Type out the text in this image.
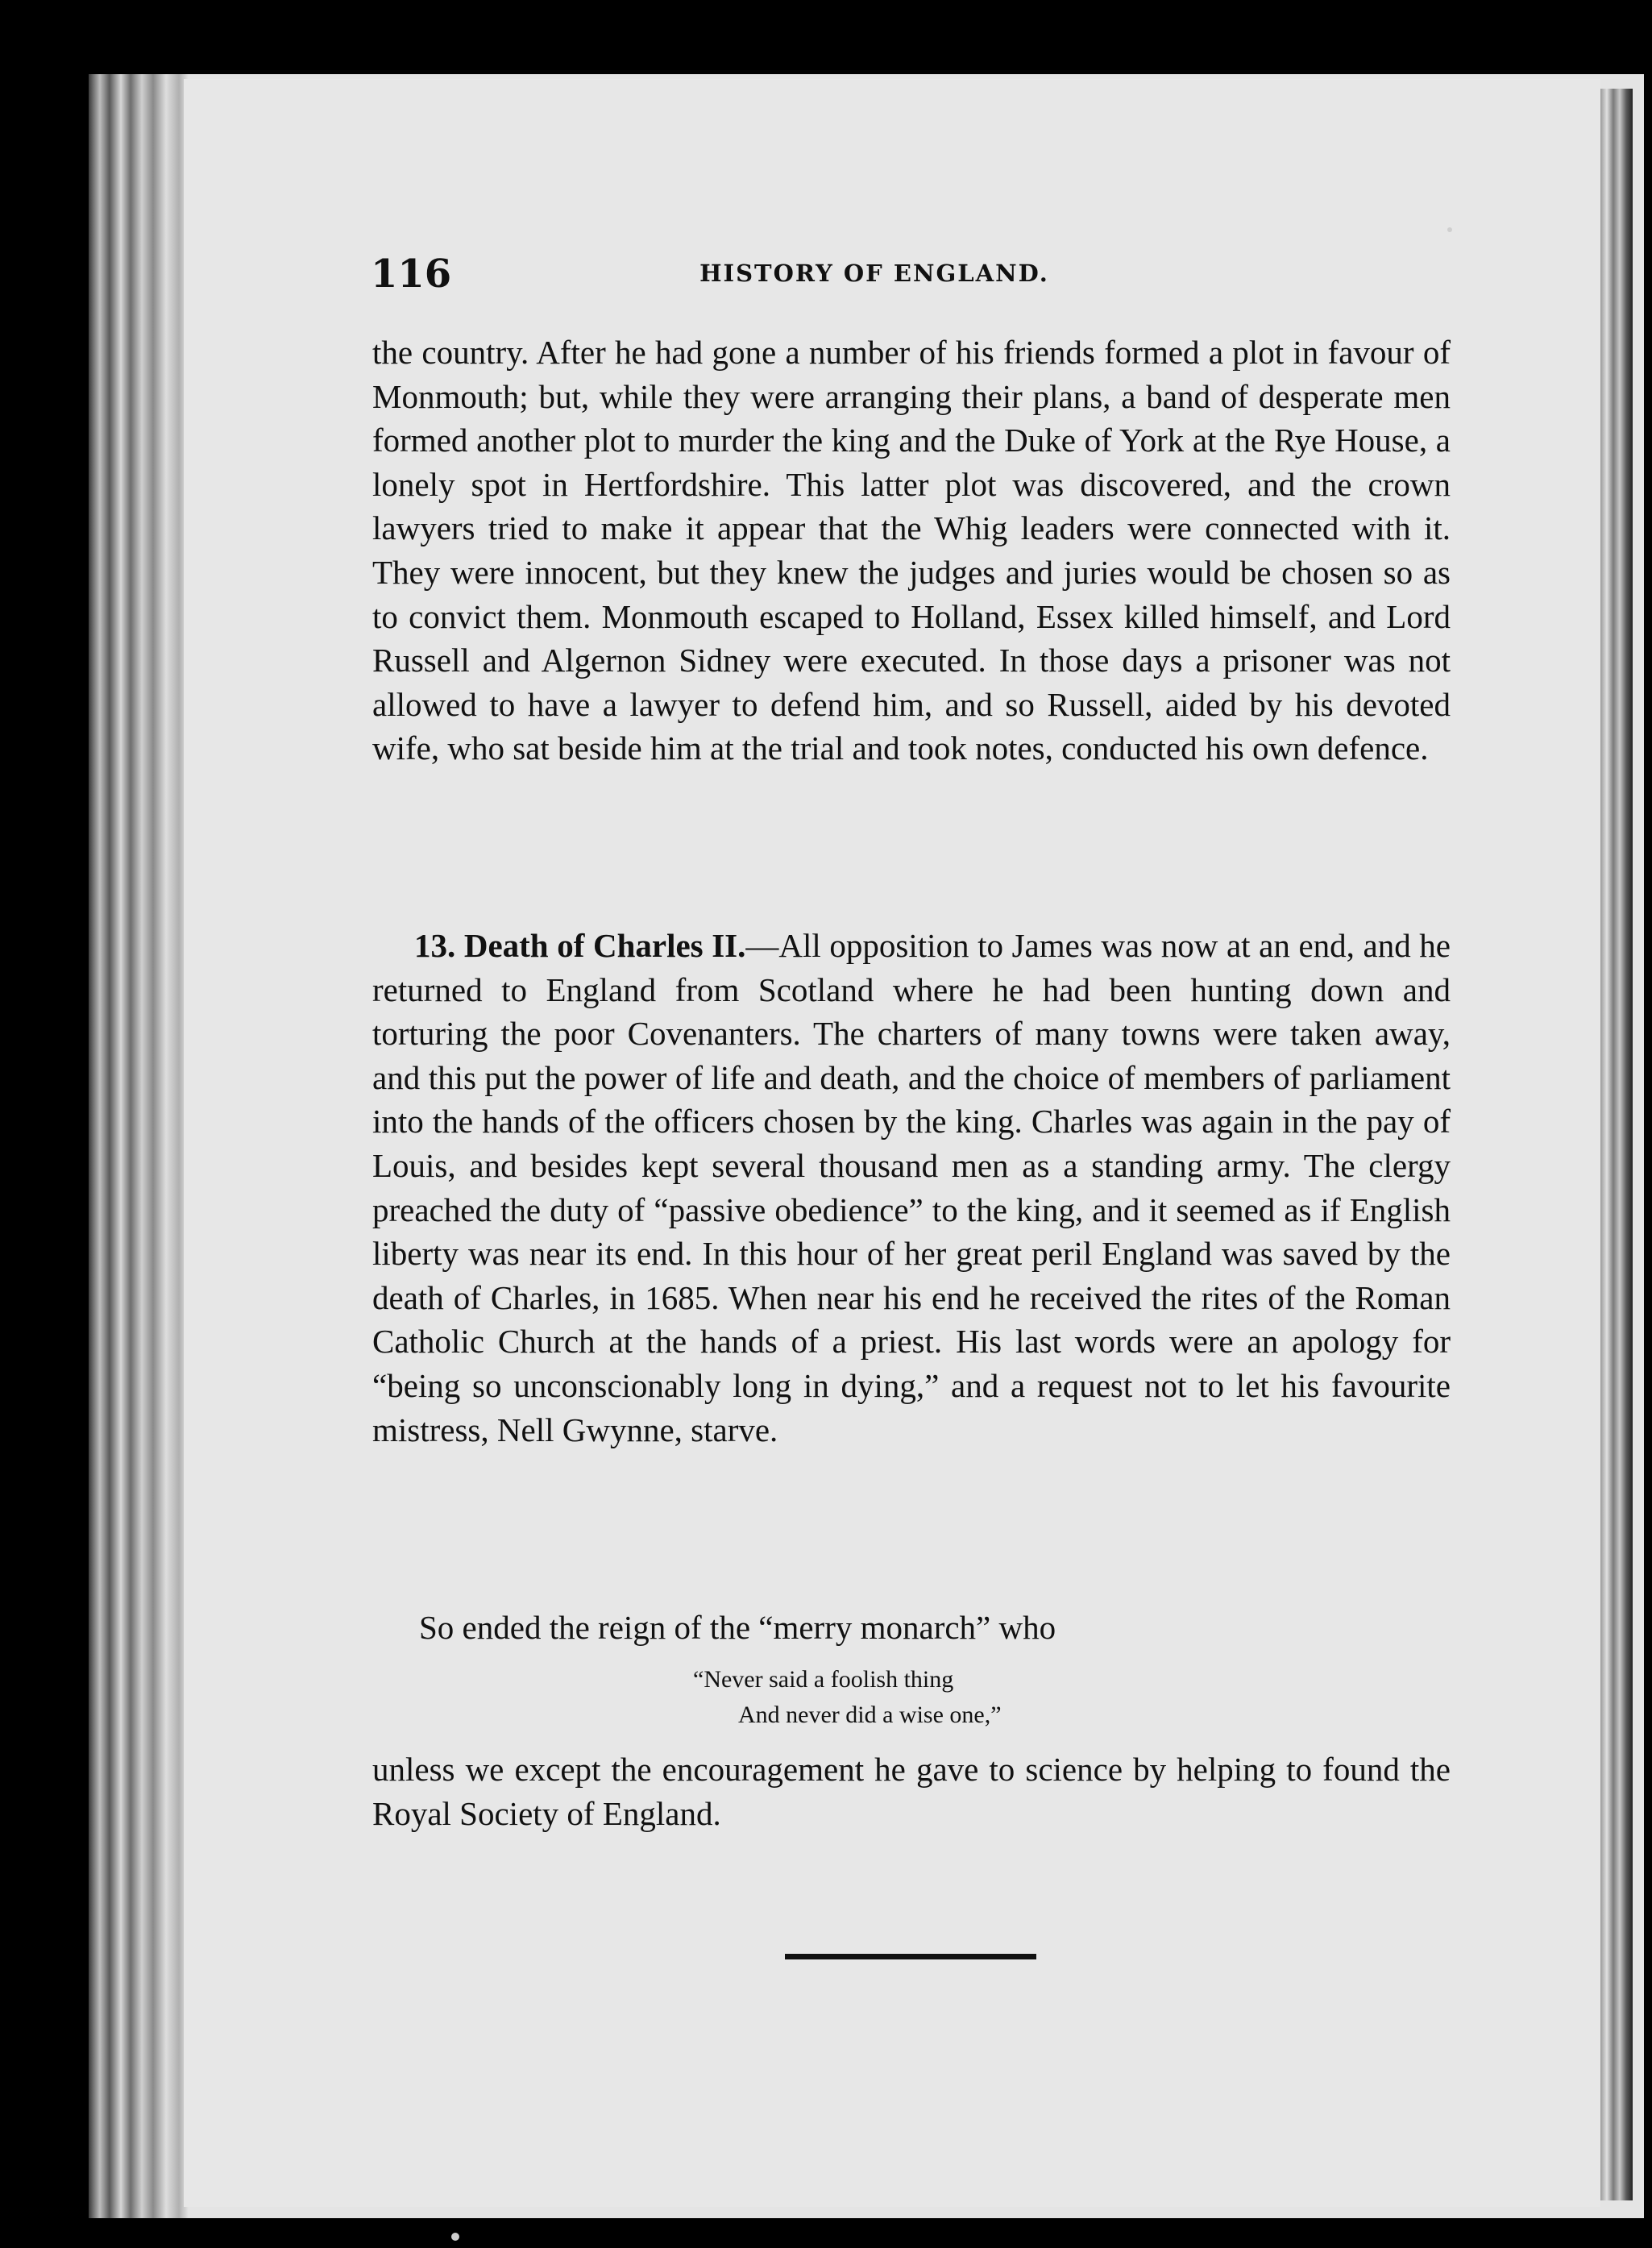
116	HISTORY OF ENGLAND.

the country. After he had gone a number of his friends formed a plot in favour of Monmouth; but, while they were arranging their plans, a band of desperate men formed another plot to murder the king and the Duke of York at the Rye House, a lonely spot in Hertfordshire. This latter plot was discovered, and the crown lawyers tried to make it appear that the Whig leaders were connected with it. They were innocent, but they knew the judges and juries would be chosen so as to convict them. Monmouth escaped to Holland, Essex killed himself, and Lord Russell and Algernon Sidney were executed. In those days a prisoner was not allowed to have a lawyer to defend him, and so Russell, aided by his devoted wife, who sat beside him at the trial and took notes, conducted his own defence.

13. Death of Charles II.—All opposition to James was now at an end, and he returned to England from Scotland where he had been hunting down and torturing the poor Covenanters. The charters of many towns were taken away, and this put the power of life and death, and the choice of members of parliament into the hands of the officers chosen by the king. Charles was again in the pay of Louis, and besides kept several thousand men as a standing army. The clergy preached the duty of “passive obedience” to the king, and it seemed as if English liberty was near its end. In this hour of her great peril England was saved by the death of Charles, in 1685. When near his end he received the rites of the Roman Catholic Church at the hands of a priest. His last words were an apology for “being so unconscionably long in dying,” and a request not to let his favourite mistress, Nell Gwynne, starve.

So ended the reign of the “merry monarch” who

“Never said a foolish thing
And never did a wise one,”

unless we except the encouragement he gave to science by helping to found the Royal Society of England.
